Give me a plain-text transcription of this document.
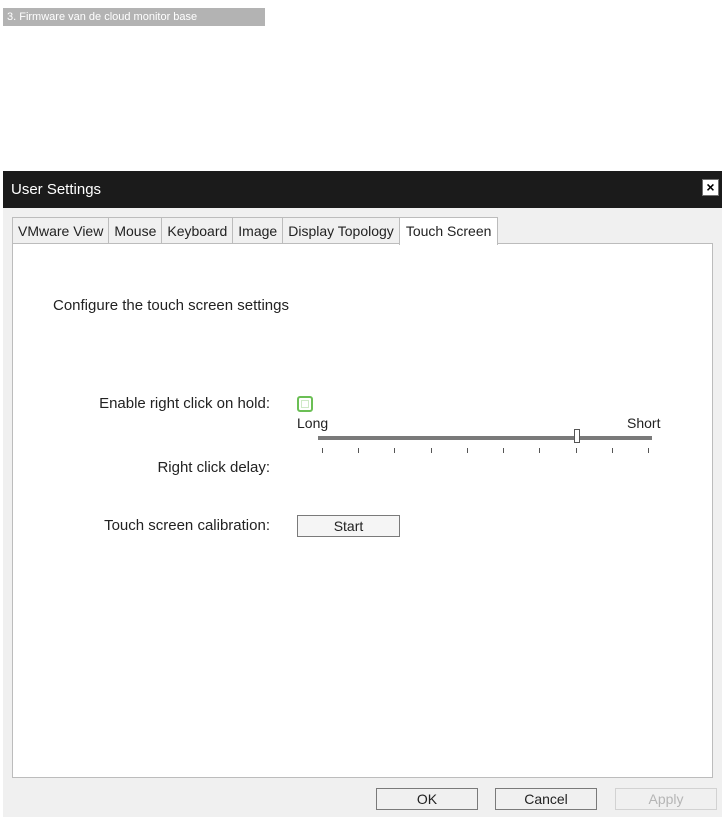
3. Firmware van de cloud monitor base
User Settings	×
VMware View Mouse Keyboard Image Display Topology Touch Screen
Configure the touch screen settings
Enable right click on hold:
Right click delay:
Long	Short
Touch screen calibration:	Start
OK	Cancel	Apply
